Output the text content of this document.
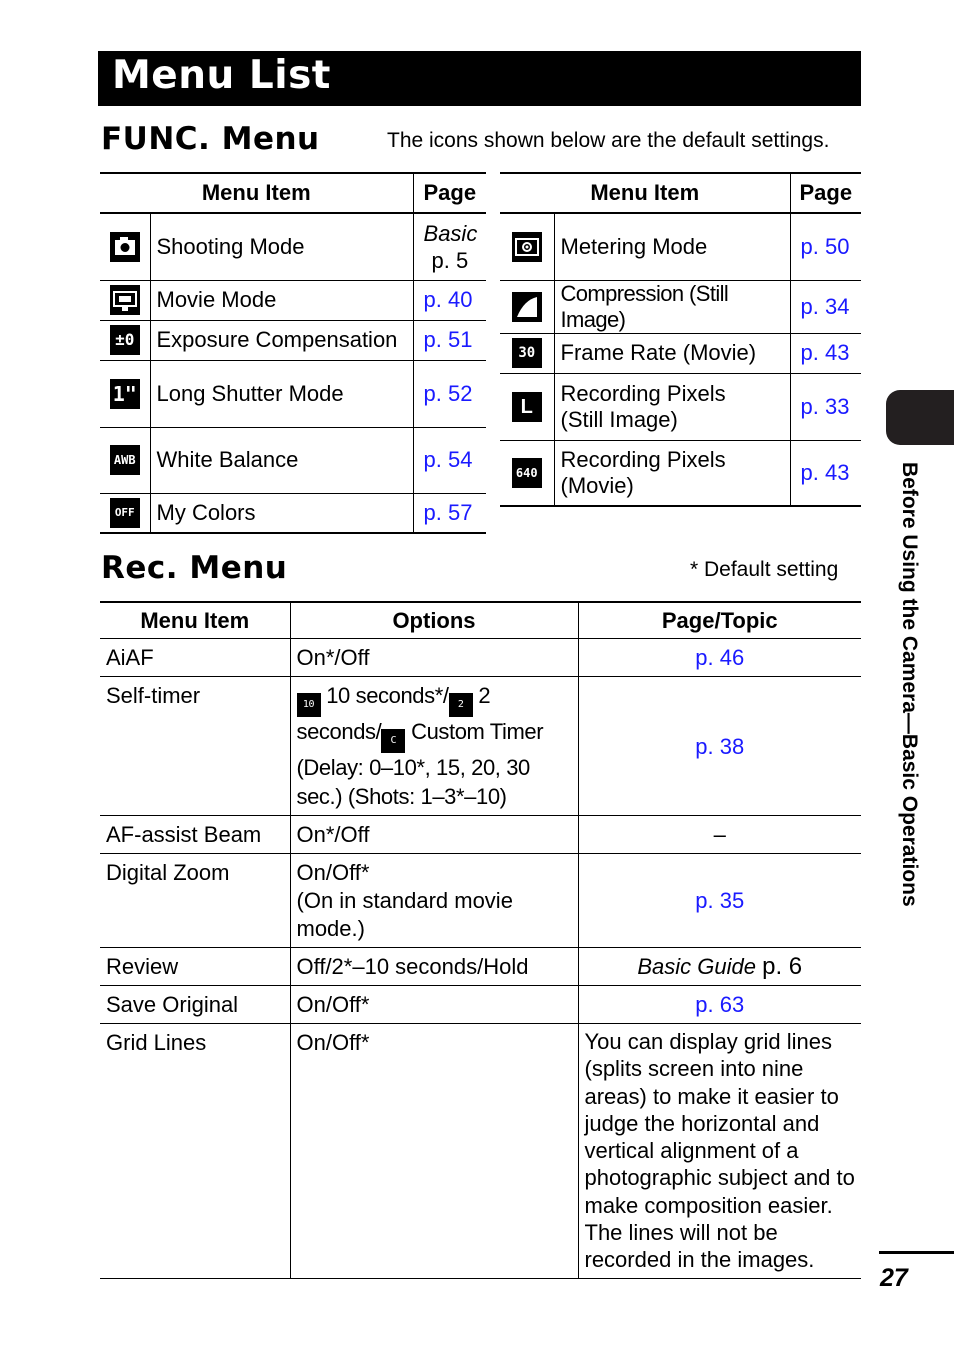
Menu List
FUNC. Menu	The icons shown below are the default settings.
Menu Item		Page

	Shooting Mode	Basic
p. 5

	Movie Mode	p. 40
±0	Exposure Compensation	p. 51
1"	Long Shutter Mode	p. 52
AWB	White Balance	p. 54
OFF	My Colors	p. 57
Menu Item		Page

	Metering Mode	p. 50

	Compression (Still Image)	p. 34
30	Frame Rate (Movie)	p. 43
L	Recording Pixels
(Still Image)	p. 33
640	Recording Pixels
(Movie)	p. 43
Rec. Menu	* Default setting
Menu Item	Options	Page/Topic
AiAF	On*/Off	p. 46
Self-timer	10 10 seconds*/ 2 2
seconds/ C Custom Timer
(Delay: 0–10*, 15, 20, 30
sec.) (Shots: 1–3*–10)	p. 38
AF-assist Beam	On*/Off	–
Digital Zoom	On/Off*
(On in standard movie mode.)	p. 35
Review	Off/2*–10 seconds/Hold	Basic Guide p. 6
Save Original	On/Off*	p. 63
Grid Lines	On/Off*	You can display grid lines (splits screen into nine areas) to make it easier to judge the horizontal and vertical alignment of a photographic subject and to make composition easier. The lines will not be recorded in the images.
Before Using the Camera—Basic Operations
27
